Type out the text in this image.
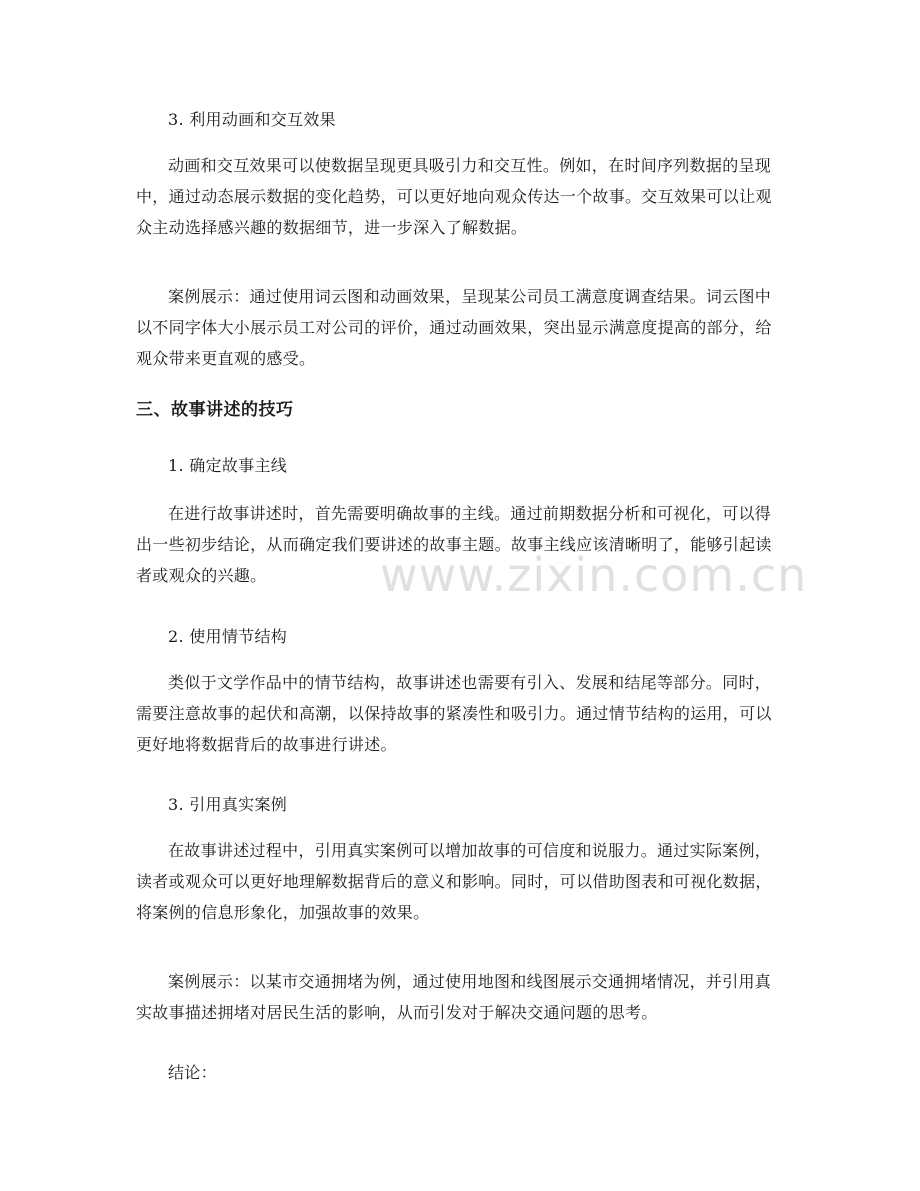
3. 利用动画和交互效果

动画和交互效果可以使数据呈现更具吸引力和交互性。例如，在时间序列数据的呈现中，通过动态展示数据的变化趋势，可以更好地向观众传达一个故事。交互效果可以让观众主动选择感兴趣的数据细节，进一步深入了解数据。

案例展示：通过使用词云图和动画效果，呈现某公司员工满意度调查结果。词云图中以不同字体大小展示员工对公司的评价，通过动画效果，突出显示满意度提高的部分，给观众带来更直观的感受。

三、故事讲述的技巧

1. 确定故事主线

在进行故事讲述时，首先需要明确故事的主线。通过前期数据分析和可视化，可以得出一些初步结论，从而确定我们要讲述的故事主题。故事主线应该清晰明了，能够引起读者或观众的兴趣。

2. 使用情节结构

类似于文学作品中的情节结构，故事讲述也需要有引入、发展和结尾等部分。同时，需要注意故事的起伏和高潮，以保持故事的紧凑性和吸引力。通过情节结构的运用，可以更好地将数据背后的故事进行讲述。

3. 引用真实案例

在故事讲述过程中，引用真实案例可以增加故事的可信度和说服力。通过实际案例，读者或观众可以更好地理解数据背后的意义和影响。同时，可以借助图表和可视化数据，将案例的信息形象化，加强故事的效果。

案例展示：以某市交通拥堵为例，通过使用地图和线图展示交通拥堵情况，并引用真实故事描述拥堵对居民生活的影响，从而引发对于解决交通问题的思考。

结论：

www.zixin.com.cn
